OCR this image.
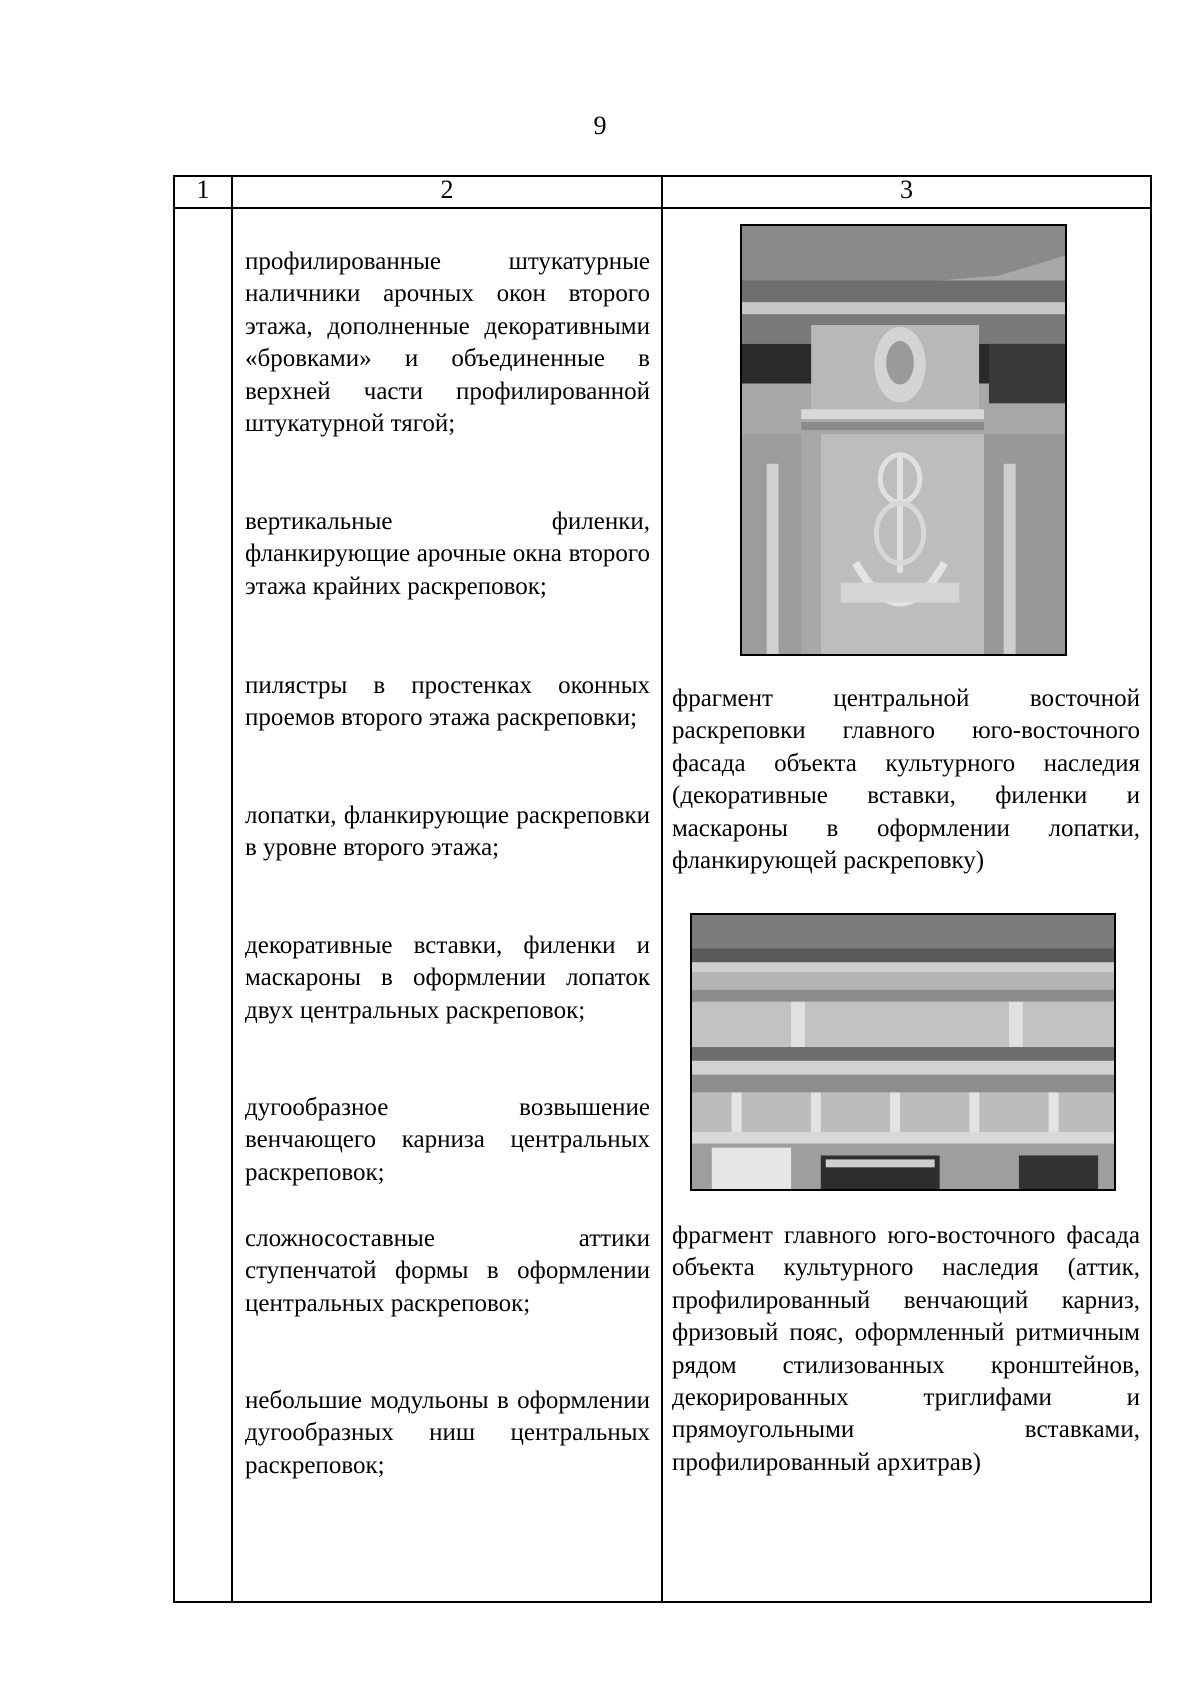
9
1	2	3

профилированные штукатурные наличники арочных окон второго этажа, дополненные декоративными «бровками» и объединенные в верхней части профилированной штукатурной тягой;

вертикальные филенки, фланкирующие арочные окна второго этажа крайних раскреповок;

пилястры в простенках оконных проемов второго этажа раскреповки;

лопатки, фланкирующие раскреповки в уровне второго этажа;

декоративные вставки, филенки и маскароны в оформлении лопаток двух центральных раскреповок;

дугообразное возвышение венчающего карниза центральных раскреповок;

сложносоставные аттики ступенчатой формы в оформлении центральных раскреповок;

небольшие модульоны в оформлении дугообразных ниш центральных раскреповок;

фрагмент центральной восточной раскреповки главного юго-восточного фасада объекта культурного наследия (декоративные вставки, филенки и маскароны в оформлении лопатки, фланкирующей раскреповку)

фрагмент главного юго-восточного фасада объекта культурного наследия (аттик, профилированный венчающий карниз, фризовый пояс, оформленный ритмичным рядом стилизованных кронштейнов, декорированных триглифами и прямоугольными вставками, профилированный архитрав)
